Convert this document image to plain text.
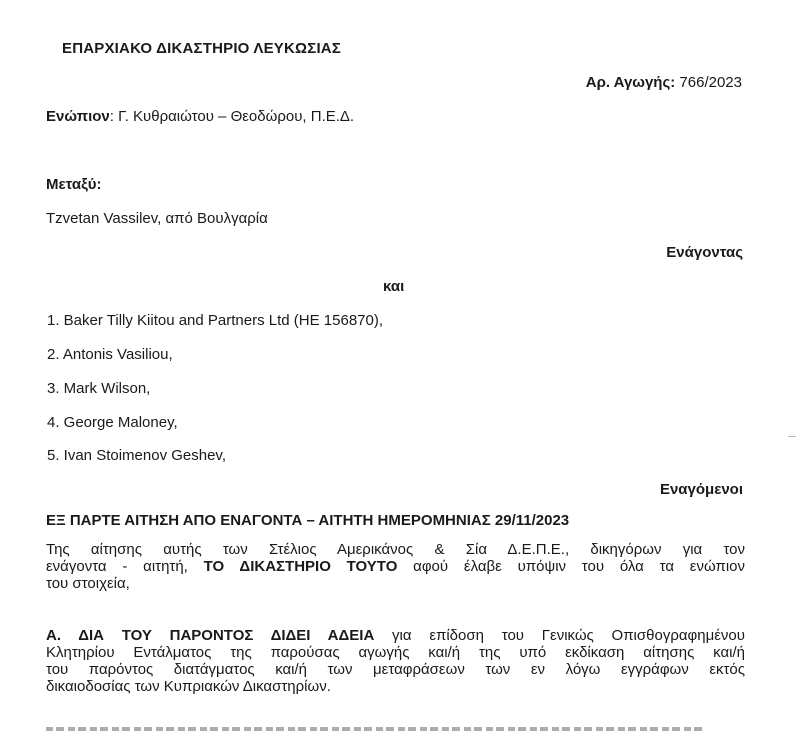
ΕΠΑΡΧΙΑΚΟ ΔΙΚΑΣΤΗΡΙΟ ΛΕΥΚΩΣΙΑΣ
Αρ. Αγωγής: 766/2023
Ενώπιον: Γ. Κυθραιώτου – Θεοδώρου, Π.Ε.Δ.
Μεταξύ:
Tzvetan Vassilev, από Βουλγαρία
Ενάγοντας
και
1. Baker Tilly Kiitou and Partners Ltd (HE 156870),
2. Antonis Vasiliou,
3. Mark Wilson,
4. George Maloney,
5. Ivan Stoimenov Geshev,
Εναγόμενοι
ΕΞ ΠΑΡΤΕ ΑΙΤΗΣΗ ΑΠΟ ΕΝΑΓΟΝΤΑ – ΑΙΤΗΤΗ ΗΜΕΡΟΜΗΝΙΑΣ 29/11/2023
Της αίτησης αυτής των Στέλιος Αμερικάνος & Σία Δ.Ε.Π.Ε., δικηγόρων για τον
ενάγοντα - αιτητή, ΤΟ ΔΙΚΑΣΤΗΡΙΟ ΤΟΥΤΟ αφού έλαβε υπόψιν του όλα τα ενώπιον
του στοιχεία,
Α. ΔΙΑ ΤΟΥ ΠΑΡΟΝΤΟΣ ΔΙΔΕΙ ΑΔΕΙΑ για επίδοση του Γενικώς Οπισθογραφημένου
Κλητηρίου Εντάλματος της παρούσας αγωγής και/ή της υπό εκδίκαση αίτησης και/ή
του παρόντος διατάγματος και/ή των μεταφράσεων των εν λόγω εγγράφων εκτός
δικαιοδοσίας των Κυπριακών Δικαστηρίων.
